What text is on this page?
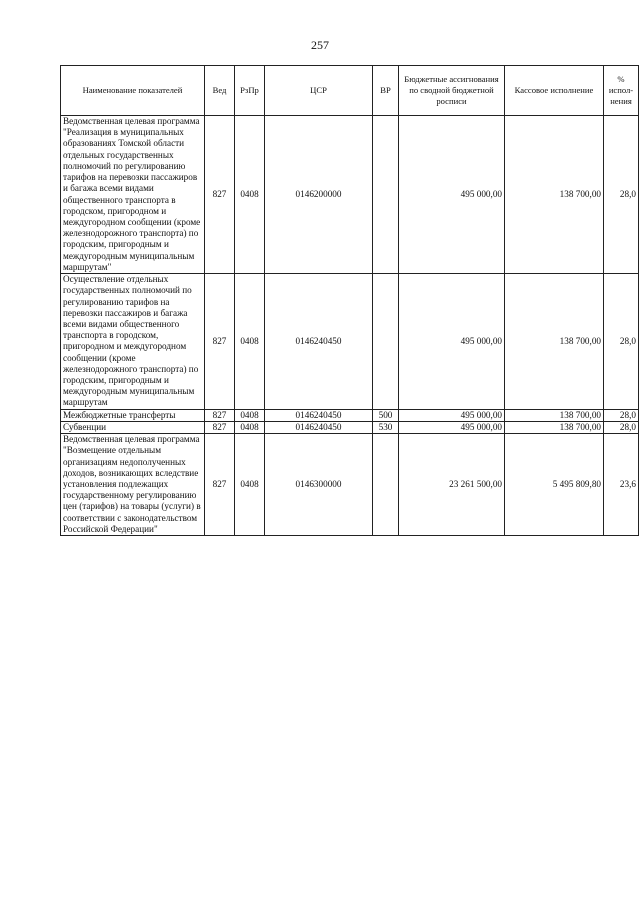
257
Наименование показателей	Вед	РзПр	ЦСР	ВР	Бюджетные ассигнования по сводной бюджетной росписи	Кассовое исполнение	% испол-нения
Ведомственная целевая программа "Реализация в муниципальных образованиях Томской области отдельных государственных полномочий по регулированию тарифов на перевозки пассажиров и багажа всеми видами общественного транспорта в городском, пригородном и междугородном сообщении (кроме железнодорожного транспорта) по городским, пригородным и междугородным муниципальным маршрутам"	827	0408	0146200000		495 000,00	138 700,00	28,0
Осуществление отдельных государственных полномочий по регулированию тарифов на перевозки пассажиров и багажа всеми видами общественного транспорта в городском, пригородном и междугородном сообщении (кроме железнодорожного транспорта) по городским, пригородным и междугородным муниципальным маршрутам	827	0408	0146240450		495 000,00	138 700,00	28,0
Межбюджетные трансферты	827	0408	0146240450	500	495 000,00	138 700,00	28,0
Субвенции	827	0408	0146240450	530	495 000,00	138 700,00	28,0
Ведомственная целевая программа "Возмещение отдельным организациям недополученных доходов, возникающих вследствие установления подлежащих государственному регулированию цен (тарифов) на товары (услуги) в соответствии с законодательством Российской Федерации"	827	0408	0146300000		23 261 500,00	5 495 809,80	23,6
